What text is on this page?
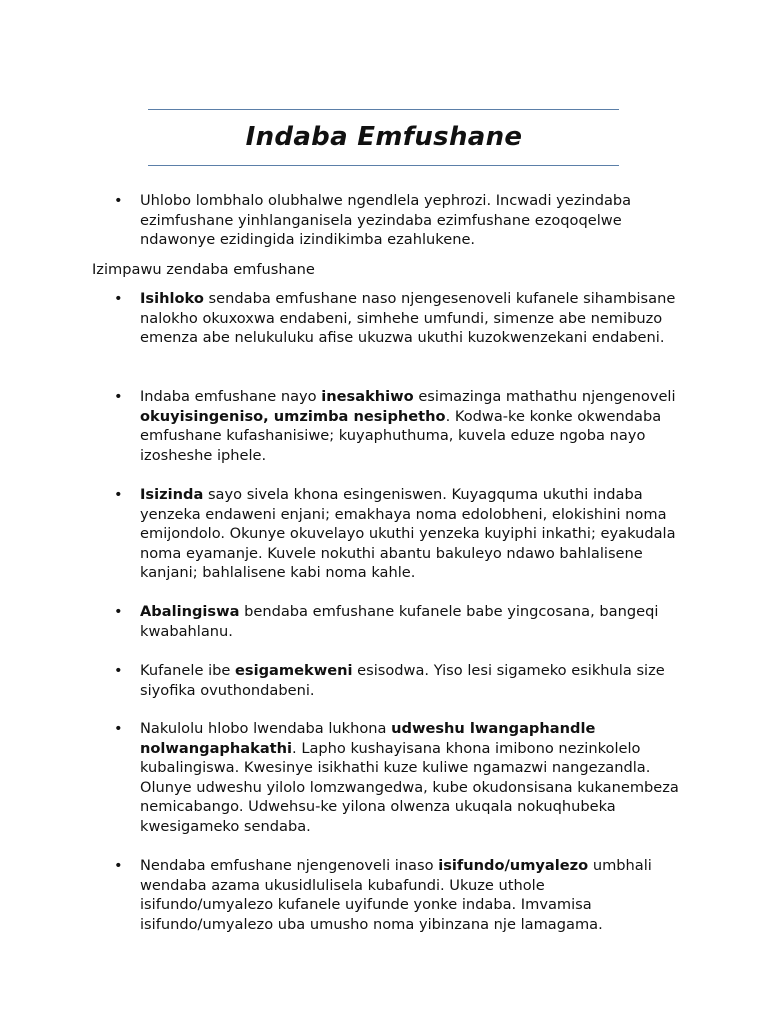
Indaba Emfushane
• Uhlobo lombhalo olubhalwe ngendlela yephrozi. Incwadi yezindaba ezimfushane yinhlanganisela yezindaba ezimfushane ezoqoqelwe ndawonye ezidingida izindikimba ezahlukene.
Izimpawu zendaba emfushane
• Isihloko sendaba emfushane naso njengesenoveli kufanele sihambisane nalokho okuxoxwa endabeni, simhehe umfundi, simenze abe nemibuzo emenza abe nelukuluku afise ukuzwa ukuthi kuzokwenzekani endabeni.
• Indaba emfushane nayo inesakhiwo esimazinga mathathu njengenoveli okuyisingeniso, umzimba nesiphetho. Kodwa-ke konke okwendaba emfushane kufashanisiwe; kuyaphuthuma, kuvela eduze ngoba nayo izosheshe iphele.
• Isizinda sayo sivela khona esingeniswen. Kuyagquma ukuthi indaba yenzeka endaweni enjani; emakhaya noma edolobheni, elokishini noma emijondolo. Okunye okuvelayo ukuthi yenzeka kuyiphi inkathi; eyakudala noma eyamanje. Kuvele nokuthi abantu bakuleyo ndawo bahlalisene kanjani; bahlalisene kabi noma kahle.
• Abalingiswa bendaba emfushane kufanele babe yingcosana, bangeqi kwabahlanu.
• Kufanele ibe esigamekweni esisodwa. Yiso lesi sigameko esikhula size siyofika ovuthondabeni.
• Nakulolu hlobo lwendaba lukhona udweshu lwangaphandle nolwangaphakathi. Lapho kushayisana khona imibono nezinkolelo kubalingiswa. Kwesinye isikhathi kuze kuliwe ngamazwi nangezandla. Olunye udweshu yilolo lomzwangedwa, kube okudonsisana kukanembeza nemicabango. Udwehsu-ke yilona olwenza ukuqala nokuqhubeka kwesigameko sendaba.
• Nendaba emfushane njengenoveli inaso isifundo/umyalezo umbhali wendaba azama ukusidlulisela kubafundi. Ukuze uthole isifundo/umyalezo kufanele uyifunde yonke indaba. Imvamisa isifundo/umyalezo uba umusho noma yibinzana nje lamagama.
